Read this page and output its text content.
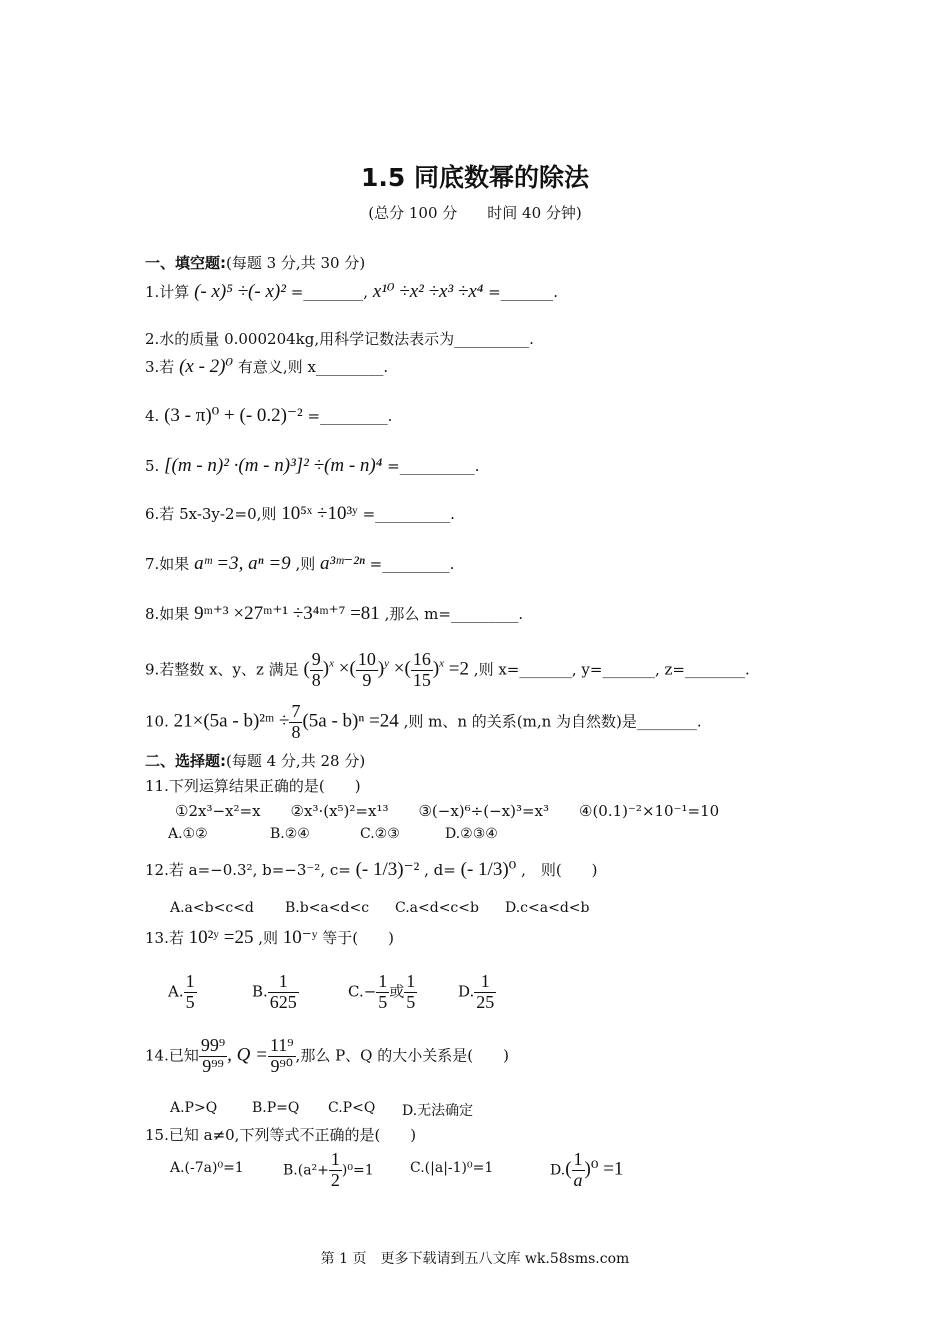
1.5 同底数幂的除法
(总分 100 分　　时间 40 分钟)
一、填空题:(每题 3 分,共 30 分)
1.计算 (- x)⁵ ÷(- x)² =________, x¹⁰ ÷x² ÷x³ ÷x⁴ =_______.
2.水的质量 0.000204kg,用科学记数法表示为__________.
3.若 (x - 2)⁰ 有意义,则 x_________.
4. (3 - π)⁰ + (- 0.2)⁻² =_________.
5. [(m - n)² ·(m - n)³]² ÷(m - n)⁴ =__________.
6.若 5x-3y-2=0,则 10⁵ˣ ÷10³ʸ =__________.
7.如果 aᵐ =3, aⁿ =9 ,则 a³ᵐ⁻²ⁿ =_________.
8.如果 9ᵐ⁺³ ×27ᵐ⁺¹ ÷3⁴ᵐ⁺⁷ =81 ,那么 m=_________.
9.若整数 x、y、z 满足 ( $\frac{9}{8} )^x$ ×( $\frac{10}{9} )^y$ ×( $\frac{16}{15} )^x =2$ ,则 x=_______, y=_______, z=________.
10. 21×(5a - b)²ᵐ ÷ $\frac{7}{8} (5a - b)^n =24$ ,则 m、n 的关系(m,n 为自然数)是________.
二、选择题:(每题 4 分,共 28 分)
11.下列运算结果正确的是(　　)
①2x³−x²=x　　②x³·(x⁵)²=x¹³　　③(−x)⁶÷(−x)³=x³　　④(0.1)⁻²×10⁻¹=10
A.①②	B.②④	C.②③	D.②③④
12.若 a=−0.3², b=−3⁻², c= (- 1/3)⁻² , d= (- 1/3)⁰ ,　则(　　)
A.a<b<c<d B.b<a<d<c C.a<d<c<b D.c<a<d<b
13.若 10²ʸ =25 ,则 10⁻ʸ 等于(　　)
A. $\frac{1}{5}$	B. $\frac{1}{625}$	$C.- \frac{1}{5}$ 或 $\frac{1}{5}$	D. $\frac{1}{25}$
14.已知 $\frac{\text{99⁹}}{\text{9⁹⁹}}$ , $Q = \frac{\text{11⁹}}{\text{9⁹⁰}}$ ,那么 P、Q 的大小关系是(　　)
A.P>Q B.P=Q C.P<Q D.无法确定
15.已知 a≠0,下列等式不正确的是(　　)
A.(-7a)⁰=1	$B.(a^2+ \frac{1}{2} )^0=1$	C.(|a|-1)⁰=1	$D.( \frac{1}{a} )^0 =1$
第 1 页　更多下载请到五八文库 wk.58sms.com
